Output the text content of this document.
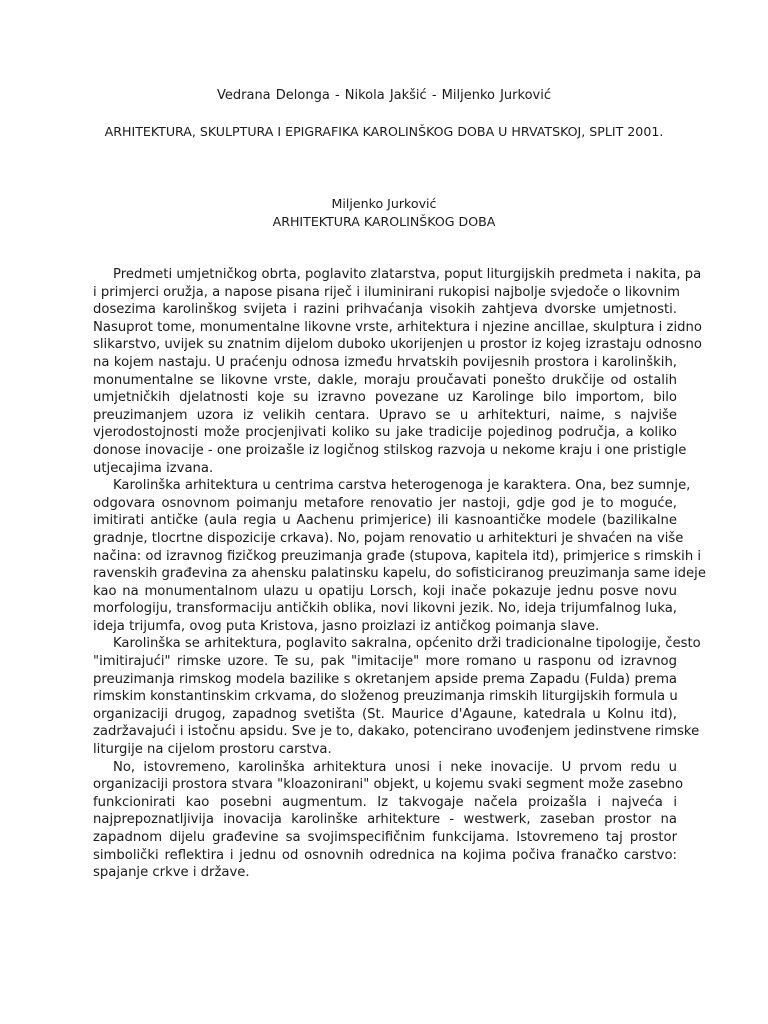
Vedrana Delonga - Nikola Jakšić - Miljenko Jurković
ARHITEKTURA, SKULPTURA I EPIGRAFIKA KAROLINŠKOG DOBA U HRVATSKOJ, SPLIT 2001.
Miljenko Jurković
ARHITEKTURA KAROLINŠKOG DOBA
Predmeti umjetničkog obrta, poglavito zlatarstva, poput liturgijskih predmeta i nakita, pa
i primjerci oružja, a napose pisana riječ i iluminirani rukopisi najbolje svjedoče o likovnim
dosezima karolinškog svijeta i razini prihvaćanja visokih zahtjeva dvorske umjetnosti.
Nasuprot tome, monumentalne likovne vrste, arhitektura i njezine ancillae, skulptura i zidno
slikarstvo, uvijek su znatnim dijelom duboko ukorijenjen u prostor iz kojeg izrastaju odnosno
na kojem nastaju. U praćenju odnosa između hrvatskih povijesnih prostora i karolinških,
monumentalne se likovne vrste, dakle, moraju proučavati ponešto drukčije od ostalih
umjetničkih djelatnosti koje su izravno povezane uz Karolinge bilo importom, bilo
preuzimanjem uzora iz velikih centara. Upravo se u arhitekturi, naime, s najviše
vjerodostojnosti može procjenjivati koliko su jake tradicije pojedinog područja, a koliko
donose inovacije - one proizašle iz logičnog stilskog razvoja u nekome kraju i one pristigle
utjecajima izvana.
Karolinška arhitektura u centrima carstva heterogenoga je karaktera. Ona, bez sumnje,
odgovara osnovnom poimanju metafore renovatio jer nastoji, gdje god je to moguće,
imitirati antičke (aula regia u Aachenu primjerice) ili kasnoantičke modele (bazilikalne
gradnje, tlocrtne dispozicije crkava). No, pojam renovatio u arhitekturi je shvaćen na više
načina: od izravnog fizičkog preuzimanja građe (stupova, kapitela itd), primjerice s rimskih i
ravenskih građevina za ahensku palatinsku kapelu, do sofisticiranog preuzimanja same ideje
kao na monumentalnom ulazu u opatiju Lorsch, koji inače pokazuje jednu posve novu
morfologiju, transformaciju antičkih oblika, novi likovni jezik. No, ideja trijumfalnog luka,
ideja trijumfa, ovog puta Kristova, jasno proizlazi iz antičkog poimanja slave.
Karolinška se arhitektura, poglavito sakralna, općenito drži tradicionalne tipologije, često
"imitirajući" rimske uzore. Te su, pak "imitacije" more romano u rasponu od izravnog
preuzimanja rimskog modela bazilike s okretanjem apside prema Zapadu (Fulda) prema
rimskim konstantinskim crkvama, do složenog preuzimanja rimskih liturgijskih formula u
organizaciji drugog, zapadnog svetišta (St. Maurice d'Agaune, katedrala u Kolnu itd),
zadržavajući i istočnu apsidu. Sve je to, dakako, potencirano uvođenjem jedinstvene rimske
liturgije na cijelom prostoru carstva.
No, istovremeno, karolinška arhitektura unosi i neke inovacije. U prvom redu u
organizaciji prostora stvara "kloazonirani" objekt, u kojemu svaki segment može zasebno
funkcionirati kao posebni augmentum. Iz takvogaje načela proizašla i najveća i
najprepoznatljivija inovacija karolinške arhitekture - westwerk, zaseban prostor na
zapadnom dijelu građevine sa svojimspecifičnim funkcijama. Istovremeno taj prostor
simbolički reflektira i jednu od osnovnih odrednica na kojima počiva franačko carstvo:
spajanje crkve i države.
